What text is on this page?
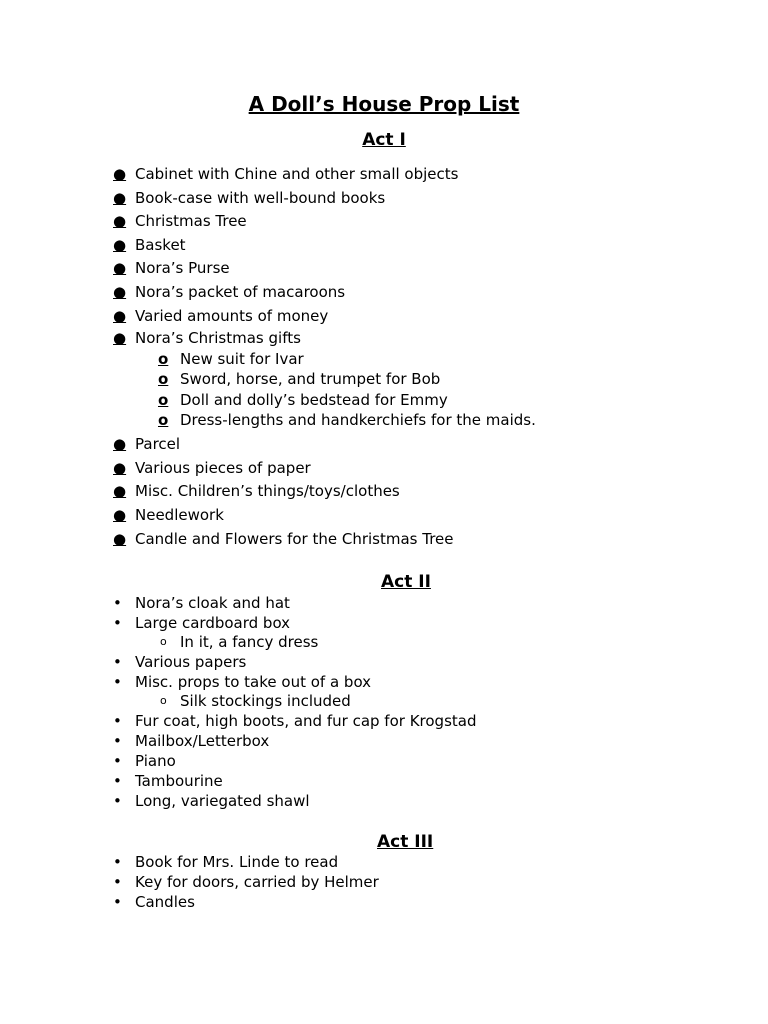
A Doll’s House Prop List
Act I
● Cabinet with Chine and other small objects
● Book-case with well-bound books
● Christmas Tree
● Basket
● Nora’s Purse
● Nora’s packet of macaroons
● Varied amounts of money
● Nora’s Christmas gifts
o New suit for Ivar
o Sword, horse, and trumpet for Bob
o Doll and dolly’s bedstead for Emmy
o Dress-lengths and handkerchiefs for the maids.
● Parcel
● Various pieces of paper
● Misc. Children’s things/toys/clothes
● Needlework
● Candle and Flowers for the Christmas Tree
Act II
• Nora’s cloak and hat
• Large cardboard box
o In it, a fancy dress
• Various papers
• Misc. props to take out of a box
o Silk stockings included
• Fur coat, high boots, and fur cap for Krogstad
• Mailbox/Letterbox
• Piano
• Tambourine
• Long, variegated shawl
Act III
• Book for Mrs. Linde to read
• Key for doors, carried by Helmer
• Candles
